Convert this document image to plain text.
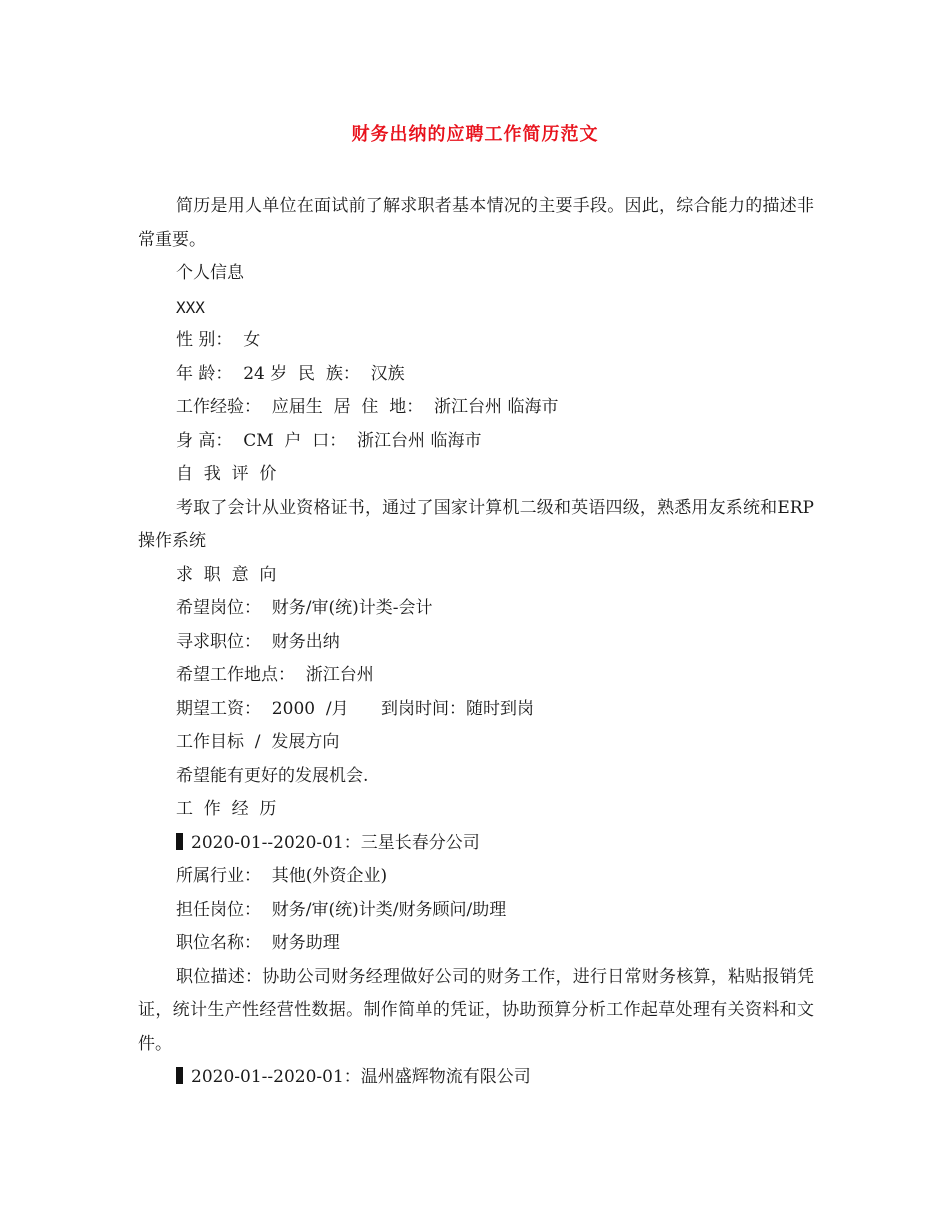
财务出纳的应聘工作简历范文

简历是用人单位在面试前了解求职者基本情况的主要手段。因此，综合能力的描述非常重要。

个人信息

XXX

性 别：  女

年 龄：  24 岁  民  族：  汉族

工作经验：  应届生  居  住  地：  浙江台州 临海市

身 高：  CM  户  口：  浙江台州 临海市

自  我  评  价

考取了会计从业资格证书，通过了国家计算机二级和英语四级，熟悉用友系统和ERP操作系统

求  职  意  向

希望岗位：  财务/审(统)计类-会计

寻求职位：  财务出纳

希望工作地点：  浙江台州

期望工资：  2000  /月      到岗时间：随时到岗

工作目标  /  发展方向

希望能有更好的发展机会.

工  作  经  历

2020-01--2020-01：三星长春分公司

所属行业：  其他(外资企业)

担任岗位：  财务/审(统)计类/财务顾问/助理

职位名称：  财务助理

职位描述：协助公司财务经理做好公司的财务工作，进行日常财务核算，粘贴报销凭证，统计生产性经营性数据。制作简单的凭证，协助预算分析工作起草处理有关资料和文件。

2020-01--2020-01：温州盛辉物流有限公司
